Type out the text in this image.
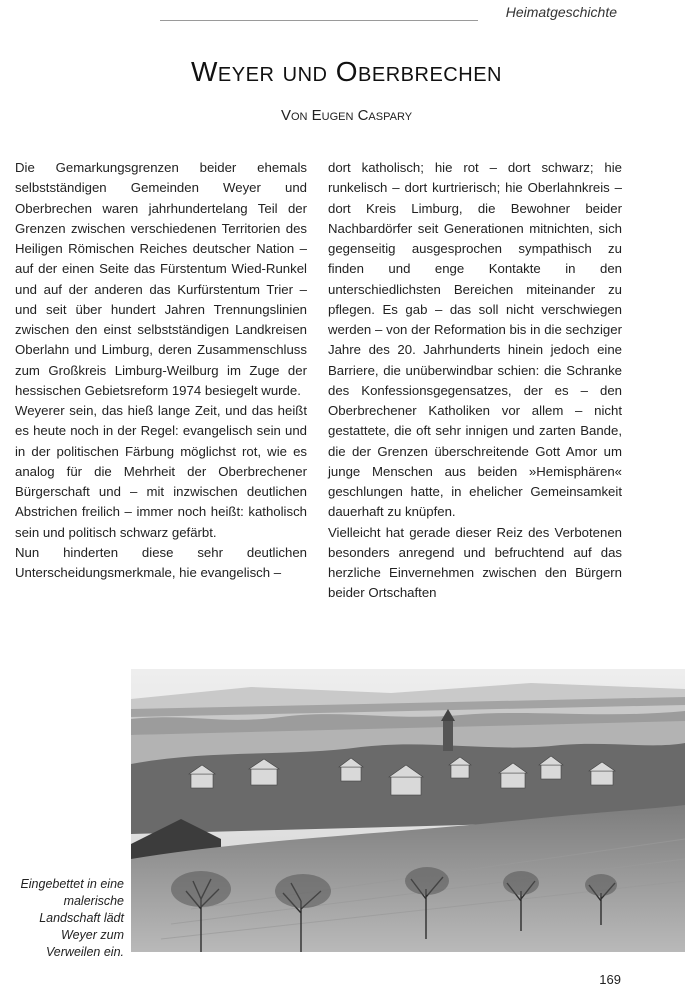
Heimatgeschichte
Weyer und Oberbrechen
Von Eugen Caspary

Die Gemarkungsgrenzen beider ehemals selbstständigen Gemeinden Weyer und Oberbrechen waren jahrhundertelang Teil der Grenzen zwischen verschiedenen Territorien des Heiligen Römischen Reiches deutscher Nation – auf der einen Seite das Fürstentum Wied-Runkel und auf der anderen das Kurfürstentum Trier – und seit über hundert Jahren Trennungslinien zwischen den einst selbstständigen Landkreisen Oberlahn und Limburg, deren Zusammenschluss zum Großkreis Limburg-Weilburg im Zuge der hessischen Gebietsreform 1974 besiegelt wurde.

Weyerer sein, das hieß lange Zeit, und das heißt es heute noch in der Regel: evangelisch sein und in der politischen Färbung möglichst rot, wie es analog für die Mehrheit der Oberbrechener Bürgerschaft und – mit inzwischen deutlichen Abstrichen freilich – immer noch heißt: katholisch sein und politisch schwarz gefärbt.

Nun hinderten diese sehr deutlichen Unterscheidungsmerkmale, hie evangelisch –

dort katholisch; hie rot – dort schwarz; hie runkelisch – dort kurtrierisch; hie Oberlahnkreis – dort Kreis Limburg, die Bewohner beider Nachbardörfer seit Generationen mitnichten, sich gegenseitig ausgesprochen sympathisch zu finden und enge Kontakte in den unterschiedlichsten Bereichen miteinander zu pflegen. Es gab – das soll nicht verschwiegen werden – von der Reformation bis in die sechziger Jahre des 20. Jahrhunderts hinein jedoch eine Barriere, die unüberwindbar schien: die Schranke des Konfessionsgegensatzes, der es – den Oberbrechener Katholiken vor allem – nicht gestattete, die oft sehr innigen und zarten Bande, die der Grenzen überschreitende Gott Amor um junge Menschen aus beiden »Hemisphären« geschlungen hatte, in ehelicher Gemeinsamkeit dauerhaft zu knüpfen.

Vielleicht hat gerade dieser Reiz des Verbotenen besonders anregend und befruchtend auf das herzliche Einvernehmen zwischen den Bürgern beider Ortschaften

Eingebettet in eine malerische Landschaft lädt Weyer zum Verweilen ein.
169
